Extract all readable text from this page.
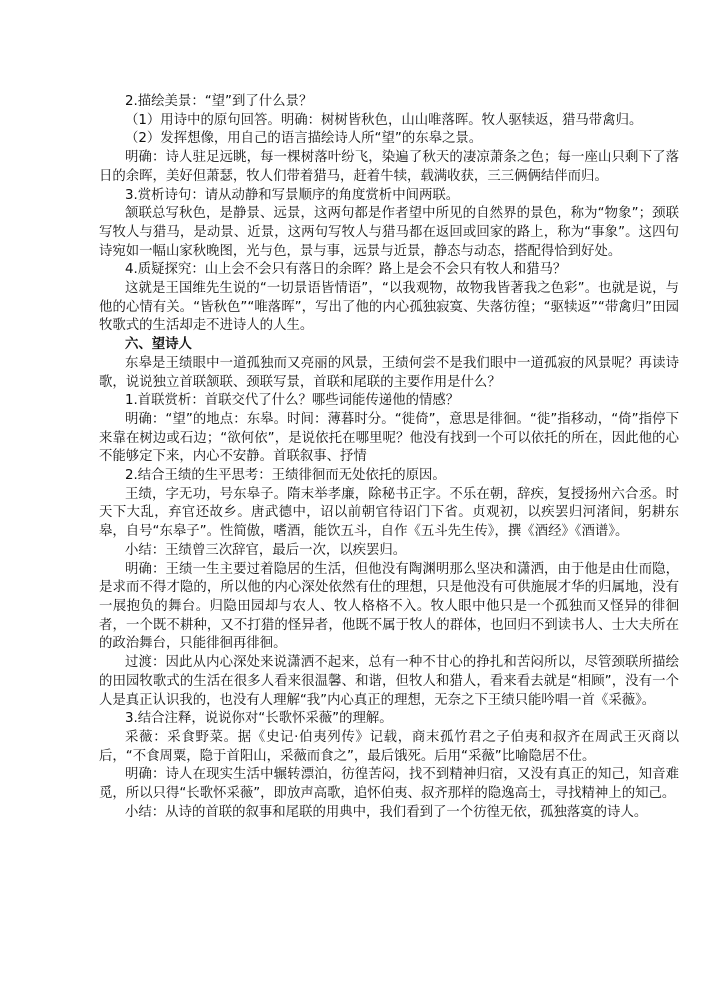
2.描绘美景：“望”到了什么景？

（1）用诗中的原句回答。明确：树树皆秋色，山山唯落晖。牧人驱犊返，猎马带禽归。

（2）发挥想像，用自己的语言描绘诗人所“望”的东皋之景。

明确：诗人驻足远眺，每一棵树落叶纷飞，染遍了秋天的凄凉萧条之色；每一座山只剩下了落日的余晖，美好但萧瑟，牧人们带着猎马，赶着牛犊，载满收获，三三俩俩结伴而归。

3.赏析诗句：请从动静和写景顺序的角度赏析中间两联。

颔联总写秋色，是静景、远景，这两句都是作者望中所见的自然界的景色，称为“物象”；颈联写牧人与猎马，是动景、近景，这两句写牧人与猎马都在返回或回家的路上，称为“事象”。这四句诗宛如一幅山家秋晚图，光与色，景与事，远景与近景，静态与动态，搭配得恰到好处。

4.质疑探究：山上会不会只有落日的余晖？路上是会不会只有牧人和猎马？

这就是王国维先生说的“一切景语皆情语”，“以我观物，故物我皆著我之色彩”。也就是说，与他的心情有关。“皆秋色”“唯落晖”，写出了他的内心孤独寂寞、失落彷徨；“驱犊返”“带禽归”田园牧歌式的生活却走不进诗人的人生。

六、望诗人

东皋是王绩眼中一道孤独而又亮丽的风景，王绩何尝不是我们眼中一道孤寂的风景呢？再读诗歌，说说独立首联颔联、颈联写景，首联和尾联的主要作用是什么？

1.首联赏析：首联交代了什么？哪些词能传递他的情感？

明确：“望”的地点：东皋。时间：薄暮时分。“徙倚”，意思是徘徊。“徙”指移动，“倚”指停下来靠在树边或石边；“欲何依”，是说依托在哪里呢？他没有找到一个可以依托的所在，因此他的心不能够定下来，内心不安静。首联叙事、抒情

2.结合王绩的生平思考：王绩徘徊而无处依托的原因。

王绩，字无功，号东皋子。隋末举孝廉，除秘书正字。不乐在朝，辞疾，复授扬州六合丞。时天下大乱，弃官还故乡。唐武德中，诏以前朝官待诏门下省。贞观初，以疾罢归河渚间，躬耕东皋，自号“东皋子”。性简傲，嗜酒，能饮五斗，自作《五斗先生传》，撰《酒经》《酒谱》。

小结：王绩曾三次辞官，最后一次，以疾罢归。

明确：王绩一生主要过着隐居的生活，但他没有陶渊明那么坚决和潇洒，由于他是由仕而隐，是求而不得才隐的，所以他的内心深处依然有仕的理想，只是他没有可供施展才华的归属地，没有一展抱负的舞台。归隐田园却与农人、牧人格格不入。牧人眼中他只是一个孤独而又怪异的徘徊者，一个既不耕种，又不打猎的怪异者，他既不属于牧人的群体，也回归不到读书人、士大夫所在的政治舞台，只能徘徊再徘徊。

过渡：因此从内心深处来说潇洒不起来，总有一种不甘心的挣扎和苦闷所以，尽管颈联所描绘的田园牧歌式的生活在很多人看来很温馨、和谐，但牧人和猎人，看来看去就是“相顾”，没有一个人是真正认识我的，也没有人理解“我”内心真正的理想，无奈之下王绩只能吟唱一首《采薇》。

3.结合注释，说说你对“长歌怀采薇”的理解。

采薇：采食野菜。据《史记·伯夷列传》记载，商末孤竹君之子伯夷和叔齐在周武王灭商以后，“不食周粟，隐于首阳山，采薇而食之”，最后饿死。后用“采薇”比喻隐居不仕。

明确：诗人在现实生活中辗转漂泊，彷徨苦闷，找不到精神归宿，又没有真正的知己，知音难觅，所以只得“长歌怀采薇”，即放声高歌，追怀伯夷、叔齐那样的隐逸高士，寻找精神上的知己。

小结：从诗的首联的叙事和尾联的用典中，我们看到了一个彷徨无依，孤独落寞的诗人。
